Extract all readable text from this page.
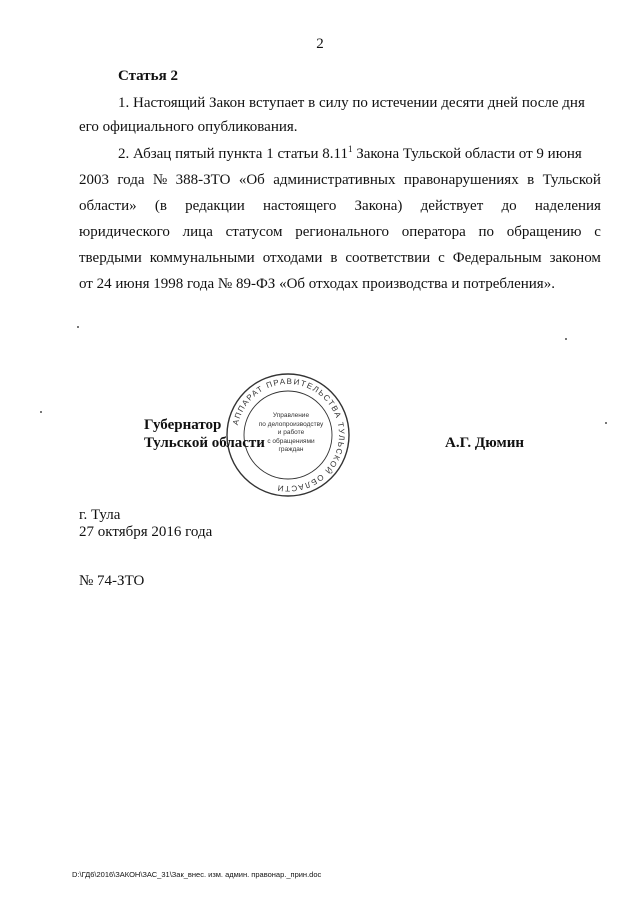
2
Статья 2
1. Настоящий Закон вступает в силу по истечении десяти дней после дня
его официального опубликования.
2. Абзац пятый пункта 1 статьи 8.11$^1$ Закона Тульской области от 9 июня
2003 года № 388-ЗТО «Об административных правонарушениях в Тульской
области» (в редакции настоящего Закона) действует до наделения
юридического лица статусом регионального оператора по обращению с
твердыми коммунальными отходами в соответствии с Федеральным законом
от 24 июня 1998 года № 89-ФЗ «Об отходах производства и потребления».
АППАРАТ ПРАВИТЕЛЬСТВА ТУЛЬСКОЙ ОБЛАСТИ
Управление
по делопроизводству
и работе
с обращениями
граждан
Губернатор
Тульской области	А.Г. Дюмин
г. Тула
27 октября 2016 года
№ 74-ЗТО
D:\ГД6\2016\ЗАКОН\ЗАС_31\Зак_внес. изм. админ. правонар._прин.doc
